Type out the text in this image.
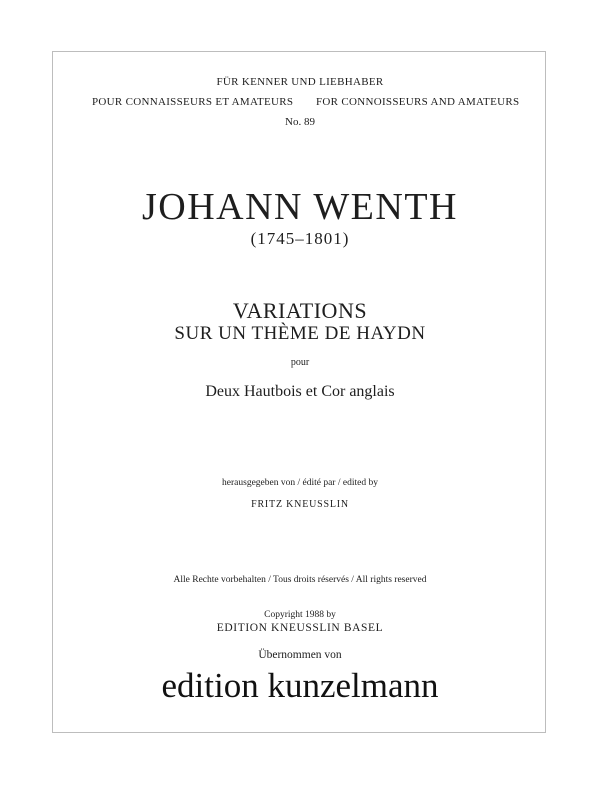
FÜR KENNER UND LIEBHABER
POUR CONNAISSEURS ET AMATEURS FOR CONNOISSEURS AND AMATEURS
No. 89
JOHANN WENTH
(1745–1801)
VARIATIONS
SUR UN THÈME DE HAYDN
pour
Deux Hautbois et Cor anglais
herausgegeben von / édité par / edited by
FRITZ KNEUSSLIN
Alle Rechte vorbehalten / Tous droits réservés / All rights reserved
Copyright 1988 by
EDITION KNEUSSLIN BASEL
Übernommen von
edition kunzelmann
